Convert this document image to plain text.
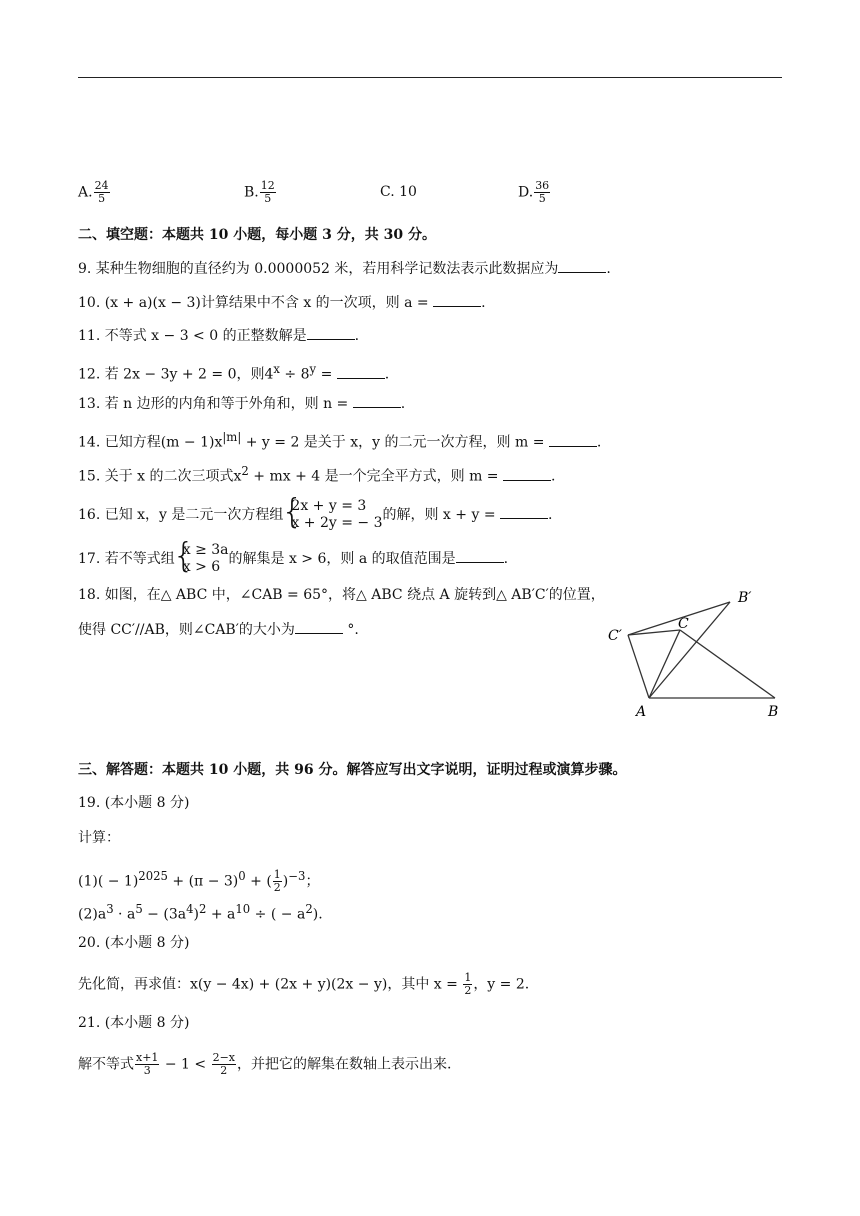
A. $\frac{24}{5}$	B. $\frac{12}{5}$	C. 10	D. $\frac{36}{5}$
二、填空题：本题共 10 小题，每小题 3 分，共 30 分。
9. 某种生物细胞的直径约为 0.0000052 米，若用科学记数法表示此数据应为	.
10. (x + a)(x − 3)计算结果中不含 x 的一次项，则 a =	.
11. 不等式 x − 3 < 0 的正整数解是	.
12. 若 2x − 3y + 2 = 0，则$4^x \div 8^y$ =	.
13. 若 n 边形的内角和等于外角和，则 n =	.
14. 已知方程$(m - 1)x^{|m|} + y = 2$ 是关于 x，y 的二元一次方程，则 m =	.
15. 关于 x 的二次三项式$x^2$ + mx + 4 是一个完全平方式，则 m =	.
16. 已知 x，y 是二元一次方程组
{ 2x + y = 3
x + 2y = − 3 的解，则 x + y =	.
17. 若不等式组
{ x ≥ 3a
x > 6 的解集是 x > 6，则 a 的取值范围是	.
18. 如图，在△ ABC 中，∠CAB = 65°，将△ ABC 绕点 A 旋转到△ AB′C′的位置，
使得 CC′//AB，则∠CAB′的大小为	°.
B′
C′
C
A	B
三、解答题：本题共 10 小题，共 96 分。解答应写出文字说明，证明过程或演算步骤。
19. (本小题 8 分)
计算：
$(1)( - 1)^{2025} + (\pi - 3)^0$ + ( $\frac{1}{2} )^{-3}$；
$(2)a^3 \cdot a^5 - (3a^4)^2 + a^{10}$ ÷ ( − $a^2$).
20. (本小题 8 分)
先化简，再求值：x(y − 4x) + (2x + y)(2x − y)，其中 $x = \frac{1}{2}$ ，y = 2.
21. (本小题 8 分)
解不等式 $\frac{x+1}{3} - 1 < \frac{2-x}{2}$ ，并把它的解集在数轴上表示出来.
